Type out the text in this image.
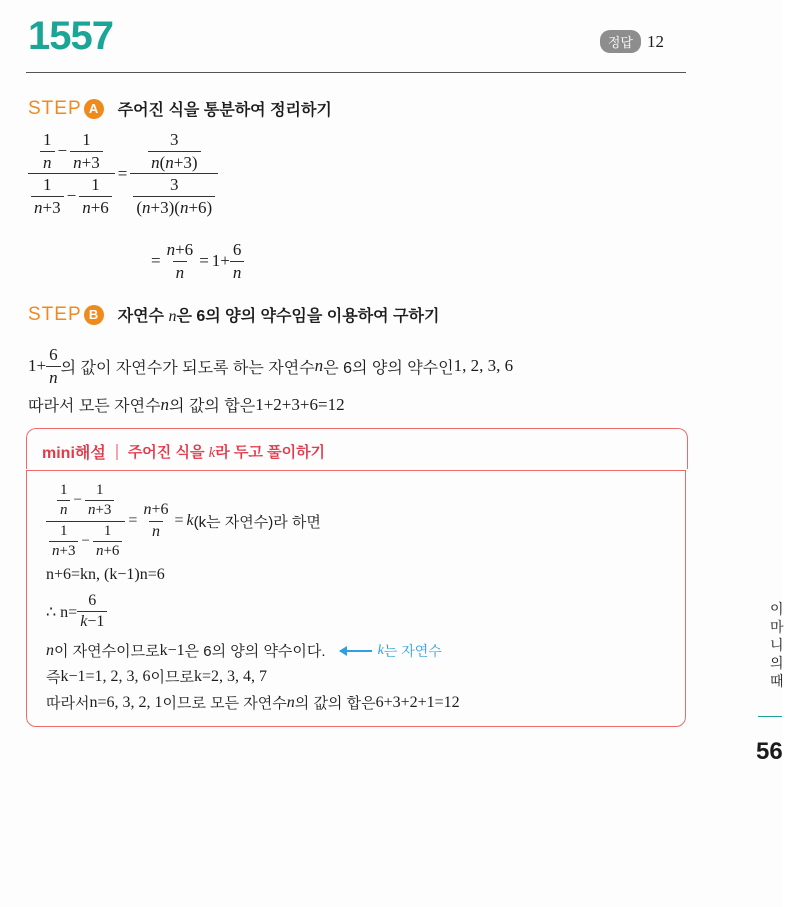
1557	정답 12
STEP A	주어진 식을 통분하여 정리하기
$\frac{\frac{1}{n} - \frac{1}{n+3}}{\frac{1}{n+3} - \frac{1}{n+6}} = \frac{\frac{3}{n(n+3)}}{\frac{3}{(n+3)(n+6)}}$
= $\frac{n+6}{n} = 1+ \frac{6}{n}$
STEP B	자연수 n은 6의 양의 약수임을 이용하여 구하기
$1+ \frac{6}{n}$ 의 값이 자연수가 되도록 하는 자연수 n 은 6의 양의 약수인 1, 2, 3, 6
따라서 모든 자연수 n 의 값의 합은 1+2+3+6=12
mini해설 주어진 식을 k라 두고 풀이하기
$\frac{\frac{1}{n} - \frac{1}{n+3}}{\frac{1}{n+3} - \frac{1}{n+6}} = \frac{n+6}{n} = k$ (k는 자연수)라 하면
n+6=kn, (k−1)n=6
∴ $n= \frac{6}{k-1}$
n 이 자연수이므로 k−1 은 6의 양의 약수이다.	k 는 자연수
즉 k−1=1, 2, 3, 6 이므로 k=2, 3, 4, 7
따라서 n=6, 3, 2, 1 이므로 모든 자연수 n 의 값의 합은 6+3+2+1=12
이
마
니
의
때
56
